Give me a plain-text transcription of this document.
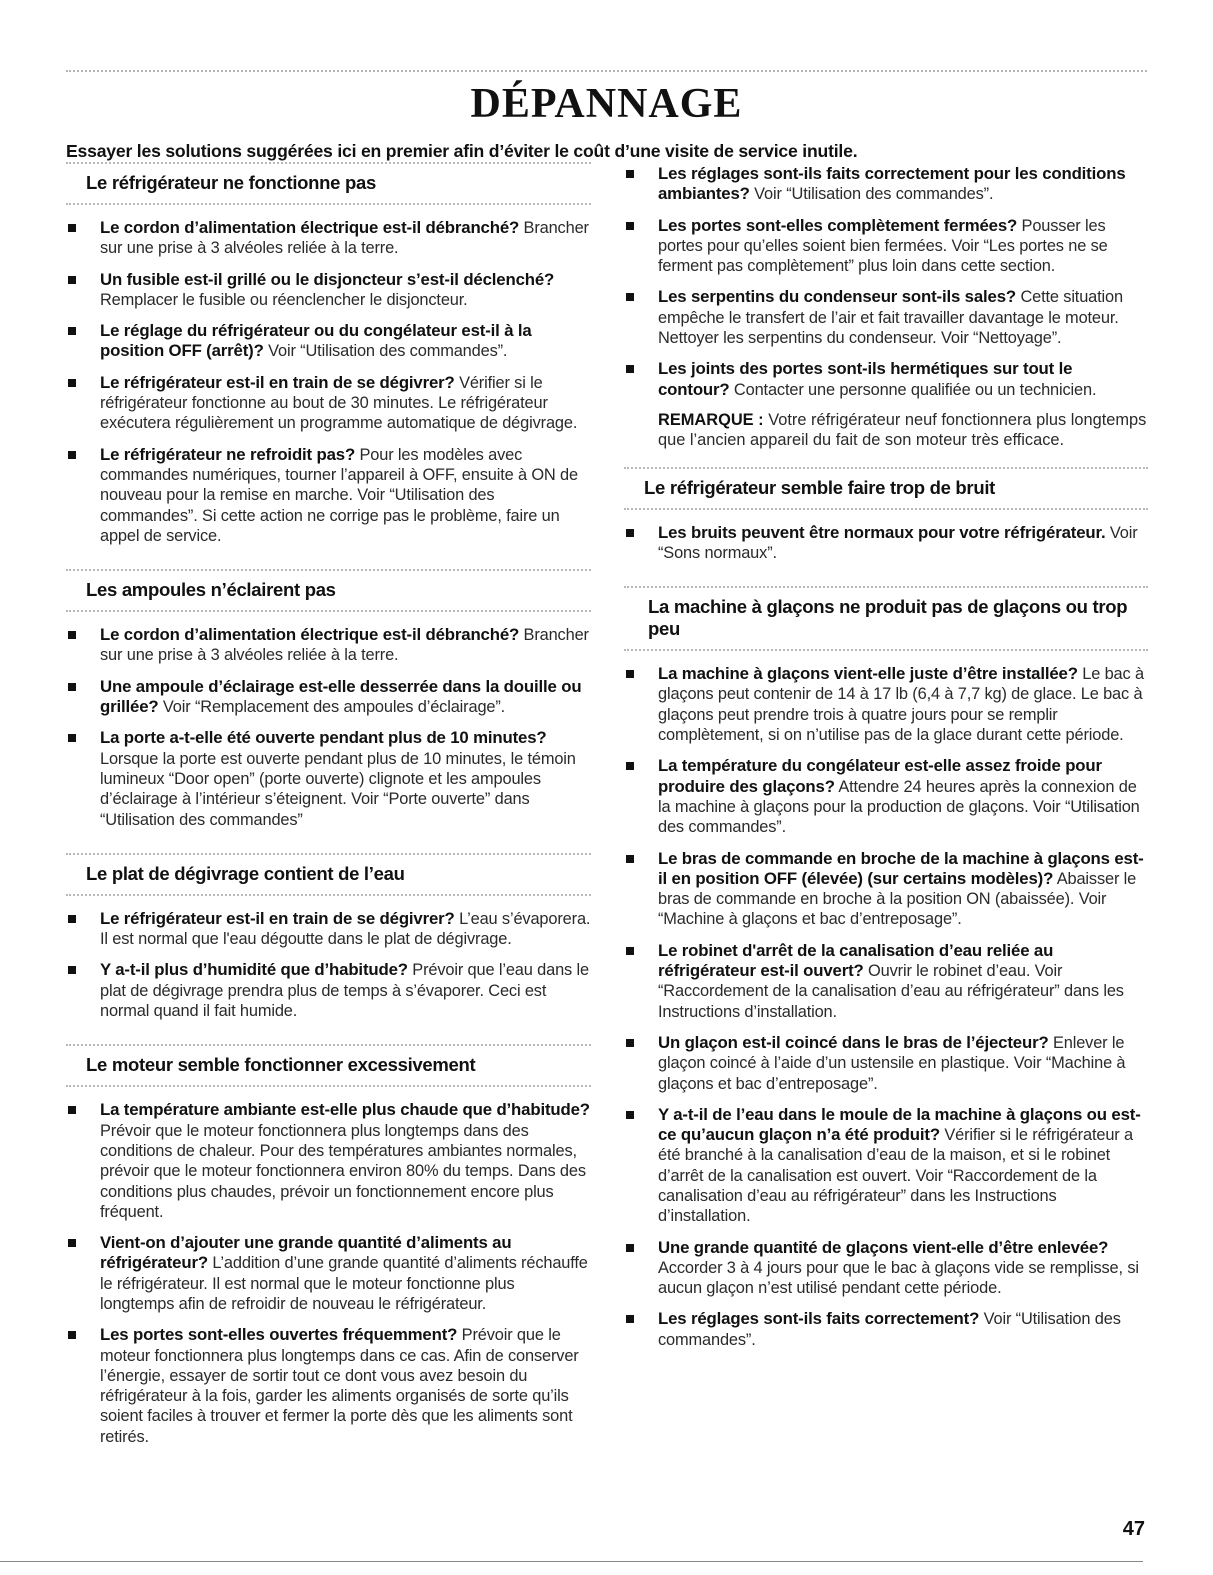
DÉPANNAGE
Essayer les solutions suggérées ici en premier afin d’éviter le coût d’une visite de service inutile.
Le réfrigérateur ne fonctionne pas
Le cordon d’alimentation électrique est-il débranché? Brancher sur une prise à 3 alvéoles reliée à la terre.
Un fusible est-il grillé ou le disjoncteur s’est-il déclenché? Remplacer le fusible ou réenclencher le disjoncteur.
Le réglage du réfrigérateur ou du congélateur est-il à la position OFF (arrêt)? Voir “Utilisation des commandes”.
Le réfrigérateur est-il en train de se dégivrer? Vérifier si le réfrigérateur fonctionne au bout de 30 minutes. Le réfrigérateur exécutera régulièrement un programme automatique de dégivrage.
Le réfrigérateur ne refroidit pas? Pour les modèles avec commandes numériques, tourner l’appareil à OFF, ensuite à ON de nouveau pour la remise en marche. Voir “Utilisation des commandes”. Si cette action ne corrige pas le problème, faire un appel de service.
Les ampoules n’éclairent pas
Le cordon d’alimentation électrique est-il débranché? Brancher sur une prise à 3 alvéoles reliée à la terre.
Une ampoule d’éclairage est-elle desserrée dans la douille ou grillée? Voir “Remplacement des ampoules d’éclairage”.
La porte a-t-elle été ouverte pendant plus de 10 minutes? Lorsque la porte est ouverte pendant plus de 10 minutes, le témoin lumineux “Door open” (porte ouverte) clignote et les ampoules d’éclairage à l’intérieur s’éteignent. Voir “Porte ouverte” dans “Utilisation des commandes”
Le plat de dégivrage contient de l’eau
Le réfrigérateur est-il en train de se dégivrer? L’eau s’évaporera. Il est normal que l'eau dégoutte dans le plat de dégivrage.
Y a-t-il plus d’humidité que d’habitude? Prévoir que l’eau dans le plat de dégivrage prendra plus de temps à s’évaporer. Ceci est normal quand il fait humide.
Le moteur semble fonctionner excessivement
La température ambiante est-elle plus chaude que d’habitude? Prévoir que le moteur fonctionnera plus longtemps dans des conditions de chaleur. Pour des températures ambiantes normales, prévoir que le moteur fonctionnera environ 80% du temps. Dans des conditions plus chaudes, prévoir un fonctionnement encore plus fréquent.
Vient-on d’ajouter une grande quantité d’aliments au réfrigérateur? L’addition d’une grande quantité d’aliments réchauffe le réfrigérateur. Il est normal que le moteur fonctionne plus longtemps afin de refroidir de nouveau le réfrigérateur.
Les portes sont-elles ouvertes fréquemment? Prévoir que le moteur fonctionnera plus longtemps dans ce cas. Afin de conserver l’énergie, essayer de sortir tout ce dont vous avez besoin du réfrigérateur à la fois, garder les aliments organisés de sorte qu’ils soient faciles à trouver et fermer la porte dès que les aliments sont retirés.
Les réglages sont-ils faits correctement pour les conditions ambiantes? Voir “Utilisation des commandes”.
Les portes sont-elles complètement fermées? Pousser les portes pour qu’elles soient bien fermées. Voir “Les portes ne se ferment pas complètement” plus loin dans cette section.
Les serpentins du condenseur sont-ils sales? Cette situation empêche le transfert de l’air et fait travailler davantage le moteur. Nettoyer les serpentins du condenseur. Voir “Nettoyage”.
Les joints des portes sont-ils hermétiques sur tout le contour? Contacter une personne qualifiée ou un technicien.
REMARQUE : Votre réfrigérateur neuf fonctionnera plus longtemps que l’ancien appareil du fait de son moteur très efficace.
Le réfrigérateur semble faire trop de bruit
Les bruits peuvent être normaux pour votre réfrigérateur. Voir “Sons normaux”.
La machine à glaçons ne produit pas de glaçons ou trop peu
La machine à glaçons vient-elle juste d’être installée? Le bac à glaçons peut contenir de 14 à 17 lb (6,4 à 7,7 kg) de glace. Le bac à glaçons peut prendre trois à quatre jours pour se remplir complètement, si on n’utilise pas de la glace durant cette période.
La température du congélateur est-elle assez froide pour produire des glaçons? Attendre 24 heures après la connexion de la machine à glaçons pour la production de glaçons. Voir “Utilisation des commandes”.
Le bras de commande en broche de la machine à glaçons est-il en position OFF (élevée) (sur certains modèles)? Abaisser le bras de commande en broche à la position ON (abaissée). Voir “Machine à glaçons et bac d’entreposage”.
Le robinet d'arrêt de la canalisation d’eau reliée au réfrigérateur est-il ouvert? Ouvrir le robinet d’eau. Voir “Raccordement de la canalisation d’eau au réfrigérateur” dans les Instructions d’installation.
Un glaçon est-il coincé dans le bras de l’éjecteur? Enlever le glaçon coincé à l’aide d’un ustensile en plastique. Voir “Machine à glaçons et bac d’entreposage”.
Y a-t-il de l’eau dans le moule de la machine à glaçons ou est-ce qu’aucun glaçon n’a été produit? Vérifier si le réfrigérateur a été branché à la canalisation d’eau de la maison, et si le robinet d’arrêt de la canalisation est ouvert. Voir “Raccordement de la canalisation d’eau au réfrigérateur” dans les Instructions d’installation.
Une grande quantité de glaçons vient-elle d’être enlevée? Accorder 3 à 4 jours pour que le bac à glaçons vide se remplisse, si aucun glaçon n’est utilisé pendant cette période.
Les réglages sont-ils faits correctement? Voir “Utilisation des commandes”.
47
